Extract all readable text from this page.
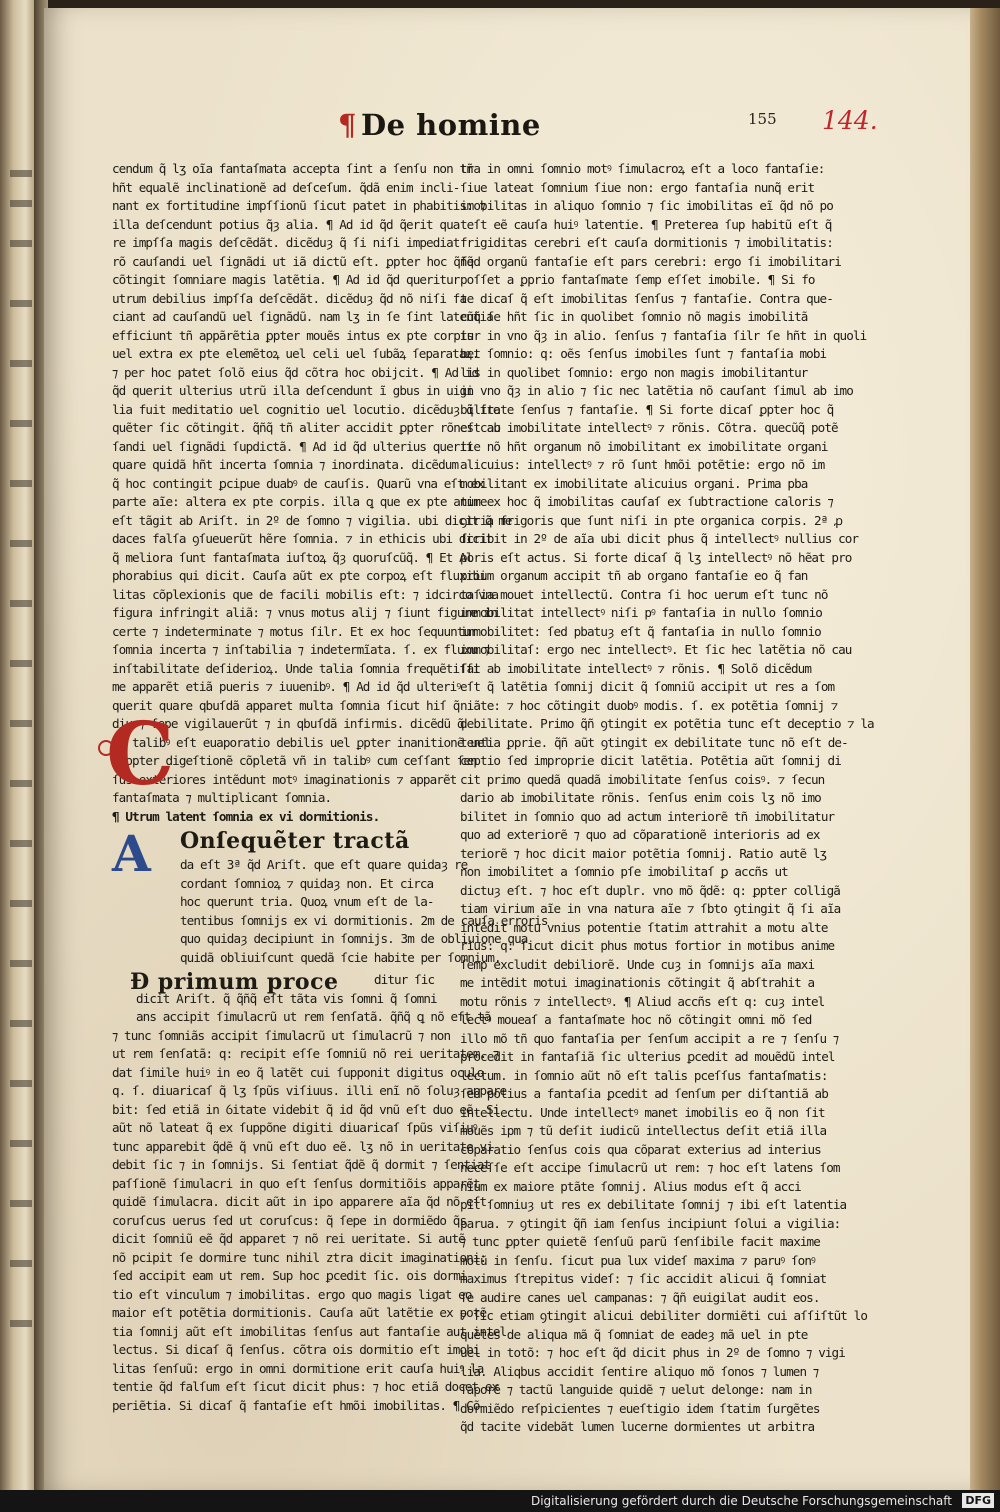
¶ De homine	155 144.
cendum q̃ lʒ oĩa fantaſmata accepta ſint a ſenſu non tñ
hñt equalẽ inclinationẽ ad deſceſum. q̃dã enim incli-
nant ex fortitudine impſſionũ ſicut patet in phabitis: ⁊
illa deſcendunt potius q̃ȝ alia. ¶ Ad id q̃d q̃erit qua
re impſſa magis deſcẽdãt. dicẽduȝ q̃ ſi niſi impediat
rõ cauſandi uel ſignãdi ut iã dictũ eſt. ꝑpter hoc q̃ñq̃
cõtingit ſomniare magis latẽtia. ¶ Ad id q̃d queritur
utrum debilius impſſa deſcẽdãt. dicẽduȝ q̃d nõ niſi fa
ciant ad cauſandũ uel ſignãdũ. nam lʒ in ſe ſint latentia
efficiunt tñ appãrẽtia ꝑpter mouẽs intus ex pte corpis
uel extra ex pte elemẽtoꝝ uel celi uel ſubãꝝ ſeparataꝝ.
⁊ per hoc patet ſolõ eius q̃d cõtra hoc obijcit. ¶ Ad id
q̃d querit ulterius utrũ illa deſcendunt ĩ gbus in uigi
lia fuit meditatio uel cognitio uel locutio. dicẽduȝ q̃ fre
quẽter ſic cõtingit. q̃ñq̃ tñ aliter accidit ꝑpter rõnes cau
ſandi uel ſignãdi ſupdictã. ¶ Ad id q̃d ulterius querit
quare quidã hñt incerta ſomnia ⁊ inordinata. dicẽdum
q̃ hoc contingit ꝑcipue duabꝰ de cauſis. Quarũ vna eſt ex
parte aĩe: altera ex pte corpis. illa ꝗ que ex pte anime
eſt tãgit ab Ariſt. in 2º de ſomno ⁊ vigilia. ubi dicit q̃ me
daces falſa ꝯſueuerũt hẽre ſomnia. ⁊ in ethicis ubi dicit
q̃ meliora ſunt fantaſmata iuſtoꝝ q̃ȝ quoruſcũq̃. ¶ Et Al
phorabius qui dicit. Cauſa aũt ex pte corpoꝝ eſt fluxibi
litas cõplexionis que de facili mobilis eſt: ⁊ idcirco vna
figura infringit aliã: ⁊ vnus motus alij ⁊ ſiunt figure in
certe ⁊ indeterminate ⁊ motus ſilr. Et ex hoc ſequuntur
ſomnia incerta ⁊ inſtabilia ⁊ indetermĩata. ſ. ex fluxu ⁊
inſtabilitate deſiderioꝝ. Unde talia ſomnia frequẽtiſſi
me apparẽt etiã pueris ⁊ iuuenibꝰ. ¶ Ad id q̃d ulteriꝰ
querit quare qbuſdã apparet multa ſomnia ſicut hiſ q̃
diu ⁊ ſepe vigilauerũt ⁊ in qbuſdã infirmis. dicẽdũ q̃
in talibꝰ eſt euaporatio debilis uel ꝑpter inanitionẽ uel
propter digeſtionẽ cõpletã vñ in talibꝰ cum ceſſant ſen
ſus exteriores intẽdunt motꝰ imaginationis ⁊ apparẽt
fantaſmata ⁊ multiplicant ſomnia.
¶ Utrum latent ſomnia ex vi dormitionis.
Onſequẽter tractã
da eſt 3ª q̃d Ariſt. que eſt quare quidaȝ re
cordant ſomnioꝝ ⁊ quidaȝ non. Et circa
hoc querunt tria. Quoꝝ vnum eſt de la-
tentibus ſomnijs ex vi dormitionis. 2m de cauſa erroris
quo quidaȝ decipiunt in ſomnijs. 3m de obliuione qua
quidã obliuiſcunt quedã ſcie habite per ſomnium.
Ð primum proce	ditur ſic
dicit Ariſt. q̃ q̃ñq̃ eſt tãta vis ſomni q̃ ſomni
ans accipit ſimulacrũ ut rem ſenſatã. q̃ñq̃ ꝗ nõ eſt tã
⁊ tunc ſomniãs accipit ſimulacrũ ut ſimulacrũ ⁊ non
ut rem ſenſatã: q: recipit eſſe ſomniũ nõ rei ueritatem. ⁊
dat ſimile huiꝰ in eo q̃ latẽt cui ſupponit digitus oculo
q. ſ. diuaricaſ q̃ lʒ ſpũs viſiuus. illi enĩ nõ ſoluȝ appare
bit: ſed etiã in ỽitate videbit q̃ id q̃d vnũ eſt duo eẽ. Si
aũt nõ lateat q̃ ex ſuppõne digiti diuaricaſ ſpũs viſiuꝰ
tunc apparebit q̃dẽ q̃ vnũ eſt duo eẽ. lʒ nõ in ueritate vi
debit ſic ⁊ in ſomnijs. Si ſentiat q̃dẽ q̃ dormit ⁊ ſentiat
paſſionẽ ſimulacri in quo eſt ſenſus dormitiõis apparẽt
quidẽ ſimulacra. dicit aũt in ipo apparere aĩa q̃d nõ eſt
coruſcus uerus ſed ut coruſcus: q̃ ſepe in dormiẽdo q̃s
dicit ſomniũ eẽ q̃d apparet ⁊ nõ rei ueritate. Si autẽ
nõ pcipit ſe dormire tunc nihil ztra dicit imaginationi:
ſed accipit eam ut rem. Sup hoc ꝑcedit ſic. ois dormi
tio eſt vinculum ⁊ imobilitas. ergo quo magis ligat eo
maior eſt potẽtia dormitionis. Cauſa aũt latẽtie ex potẽ
tia ſomnij aũt eſt imobilitas ſenſus aut fantaſie aut intel
lectus. Si dicaſ q̃ ſenſus. cõtra ois dormitio eſt imobi
litas ſenſuũ: ergo in omni dormitione erit cauſa huiꝰ la
tentie q̃d falſum eſt ſicut dicit phus: ⁊ hoc etiã docet ex
periẽtia. Si dicaſ q̃ fantaſie eſt hmõi imobilitas. ¶ Cõ
tra in omni ſomnio motꝰ ſimulacroꝝ eſt a loco fantaſie:
ſiue lateat ſomnium ſiue non: ergo fantaſia nunq̃ erit
imobilitas in aliquo ſomnio ⁊ ſic imobilitas eĩ q̃d nõ po
teſt eẽ cauſa huiꝰ latentie. ¶ Preterea ſup habitũ eſt q̃
frigiditas cerebri eſt cauſa dormitionis ⁊ imobilitatis:
ſed organũ fantaſie eſt pars cerebri: ergo ſi imobilitari
poſſet a ꝑprio fantaſmate ſemp eſſet imobile. ¶ Si fo
te dicaſ q̃ eſt imobilitas ſenſus ⁊ fantaſie. Contra que-
cũq̃ ſe hñt ſic in quolibet ſomnio nõ magis imobilitã
tur in vno q̃ȝ in alio. ſenſus ⁊ fantaſia ſilr ſe hñt in quoli
bet ſomnio: q: oẽs ſenſus imobiles ſunt ⁊ fantaſia mobi
lis in quolibet ſomnio: ergo non magis imobilitantur
in vno q̃ȝ in alio ⁊ ſic nec latẽtia nõ cauſant ſimul ab imo
bilitate ſenſus ⁊ fantaſie. ¶ Si forte dicaſ ꝑpter hoc q̃
eſt ab imobilitate intellectꝰ ⁊ rõnis. Cõtra. quecũq̃ potẽ
tie nõ hñt organum nõ imobilitant ex imobilitate organi
alicuius: intellectꝰ ⁊ rõ ſunt hmõi potẽtie: ergo nõ im
mobilitant ex imobilitate alicuius organi. Prima pba
tur ex hoc q̃ imobilitas cauſaſ ex ſubtractione caloris ⁊
ꝯtria frigoris que ſunt niſi in pte organica corpis. 2ª ꝓ
ſcribit in 2º de aĩa ubi dicit phus q̃ intellectꝰ nullius cor
poris eſt actus. Si forte dicaſ q̃ lʒ intellectꝰ nõ hẽat pro
prium organum accipit tñ ab organo fantaſie eo q̃ fan
taſia mouet intellectũ. Contra ſi hoc uerum eſt tunc nõ
immobilitat intellectꝰ niſi pꝰ fantaſia in nullo ſomnio
immobilitet: ſed pbatuȝ eſt q̃ fantaſia in nullo ſomnio
immobilitaſ: ergo nec intellectꝰ. Et ſic hec latẽtia nõ cau
ſat ab imobilitate intellectꝰ ⁊ rõnis. ¶ Solõ dicẽdum
eſt q̃ latẽtia ſomnij dicit q̃ ſomniũ accipit ut res a ſom
niãte: ⁊ hoc cõtingit duobꝰ modis. ſ. ex potẽtia ſomnij ⁊
debilitate. Primo q̃ñ ꝯtingit ex potẽtia tunc eſt deceptio ⁊ la
tentia ꝑprie. q̃ñ aũt ꝯtingit ex debilitate tunc nõ eſt de-
ceptio ſed improprie dicit latẽtia. Potẽtia aũt ſomnij di
cit primo quedã quadã imobilitate ſenſus coisꝰ. ⁊ ſecun
dario ab imobilitate rõnis. ſenſus enim cois lʒ nõ imo
bilitet in ſomnio quo ad actum interiorẽ tñ imobilitatur
quo ad exteriorẽ ⁊ quo ad cõparationẽ interioris ad ex
teriorẽ ⁊ hoc dicit maior potẽtia ſomnij. Ratio autẽ lʒ
non imobilitet a ſomnio pſe imobilitaſ ꝑ accñs ut
dictuȝ eſt. ⁊ hoc eſt duplr. vno mõ q̃dẽ: q: ꝑpter colligã
tiam virium aĩe in vna natura aĩe ⁊ ſbto ꝯtingit q̃ ſi aĩa
intẽdit motu vnius potentie ſtatim attrahit a motu alte
rius: q: ſicut dicit phus motus fortior in motibus anime
ſemp excludit debiliorẽ. Unde cuȝ in ſomnijs aĩa maxi
me intẽdit motui imaginationis cõtingit q̃ abſtrahit a
motu rõnis ⁊ intellectꝰ. ¶ Aliud accñs eſt q: cuȝ intel
lectꝰ moueaſ a fantaſmate hoc nõ cõtingit omni mõ ſed
illo mõ tñ quo fantaſia per ſenſum accipit a re ⁊ ſenſu ⁊
procedit in fantaſiã ſic ulterius ꝑcedit ad mouẽdũ intel
lectum. in ſomnio aũt nõ eſt talis pceſſus fantaſmatis:
ſed potius a fantaſia ꝑcedit ad ſenſum per diſtantiã ab
intellectu. Unde intellectꝰ manet imobilis eo q̃ non ſit
mouẽs ipm ⁊ tũ deſit iudicũ intellectus deſit etiã illa
cõparatio ſenſus cois qua cõparat exterius ad interius
neceſſe eſt accipe ſimulacrũ ut rem: ⁊ hoc eſt latens ſom
nium ex maiore ptãte ſomnij. Alius modus eſt q̃ acci
pit ſomniuȝ ut res ex debilitate ſomnij ⁊ ibi eſt latentia
parua. ⁊ ꝯtingit q̃ñ iam ſenſus incipiunt ſolui a vigilia:
⁊ tunc ꝑpter quietẽ ſenſuũ parũ ſenſibile facit maxime
motũ in ſenſu. ſicut pua lux videſ maxima ⁊ paruꝰ ſonꝰ
maximus ſtrepitus videſ: ⁊ ſic accidit alicui q̃ ſomniat
ſe audire canes uel campanas: ⁊ q̃ñ euigilat audit eos.
⁊ ſic etiam ꝯtingit alicui debiliter dormiẽti cui aſſiſtũt lo
quẽtes de aliqua mã q̃ ſomniat de eadeȝ mã uel in pte
uel in totõ: ⁊ hoc eſt q̃d dicit phus in 2º de ſomno ⁊ vigi
lia. Aliqbus accidit ſentire aliquo mõ ſonos ⁊ lumen ⁊
ſaporẽ ⁊ tactũ languide quidẽ ⁊ uelut delonge: nam in
dormiẽdo reſpicientes ⁊ eueſtigio idem ſtatim ſurgẽtes
q̃d tacite videbãt lumen lucerne dormientes ut arbitra
C
A
Digitalisierung gefördert durch die Deutsche Forschungsgemeinschaft DFG
